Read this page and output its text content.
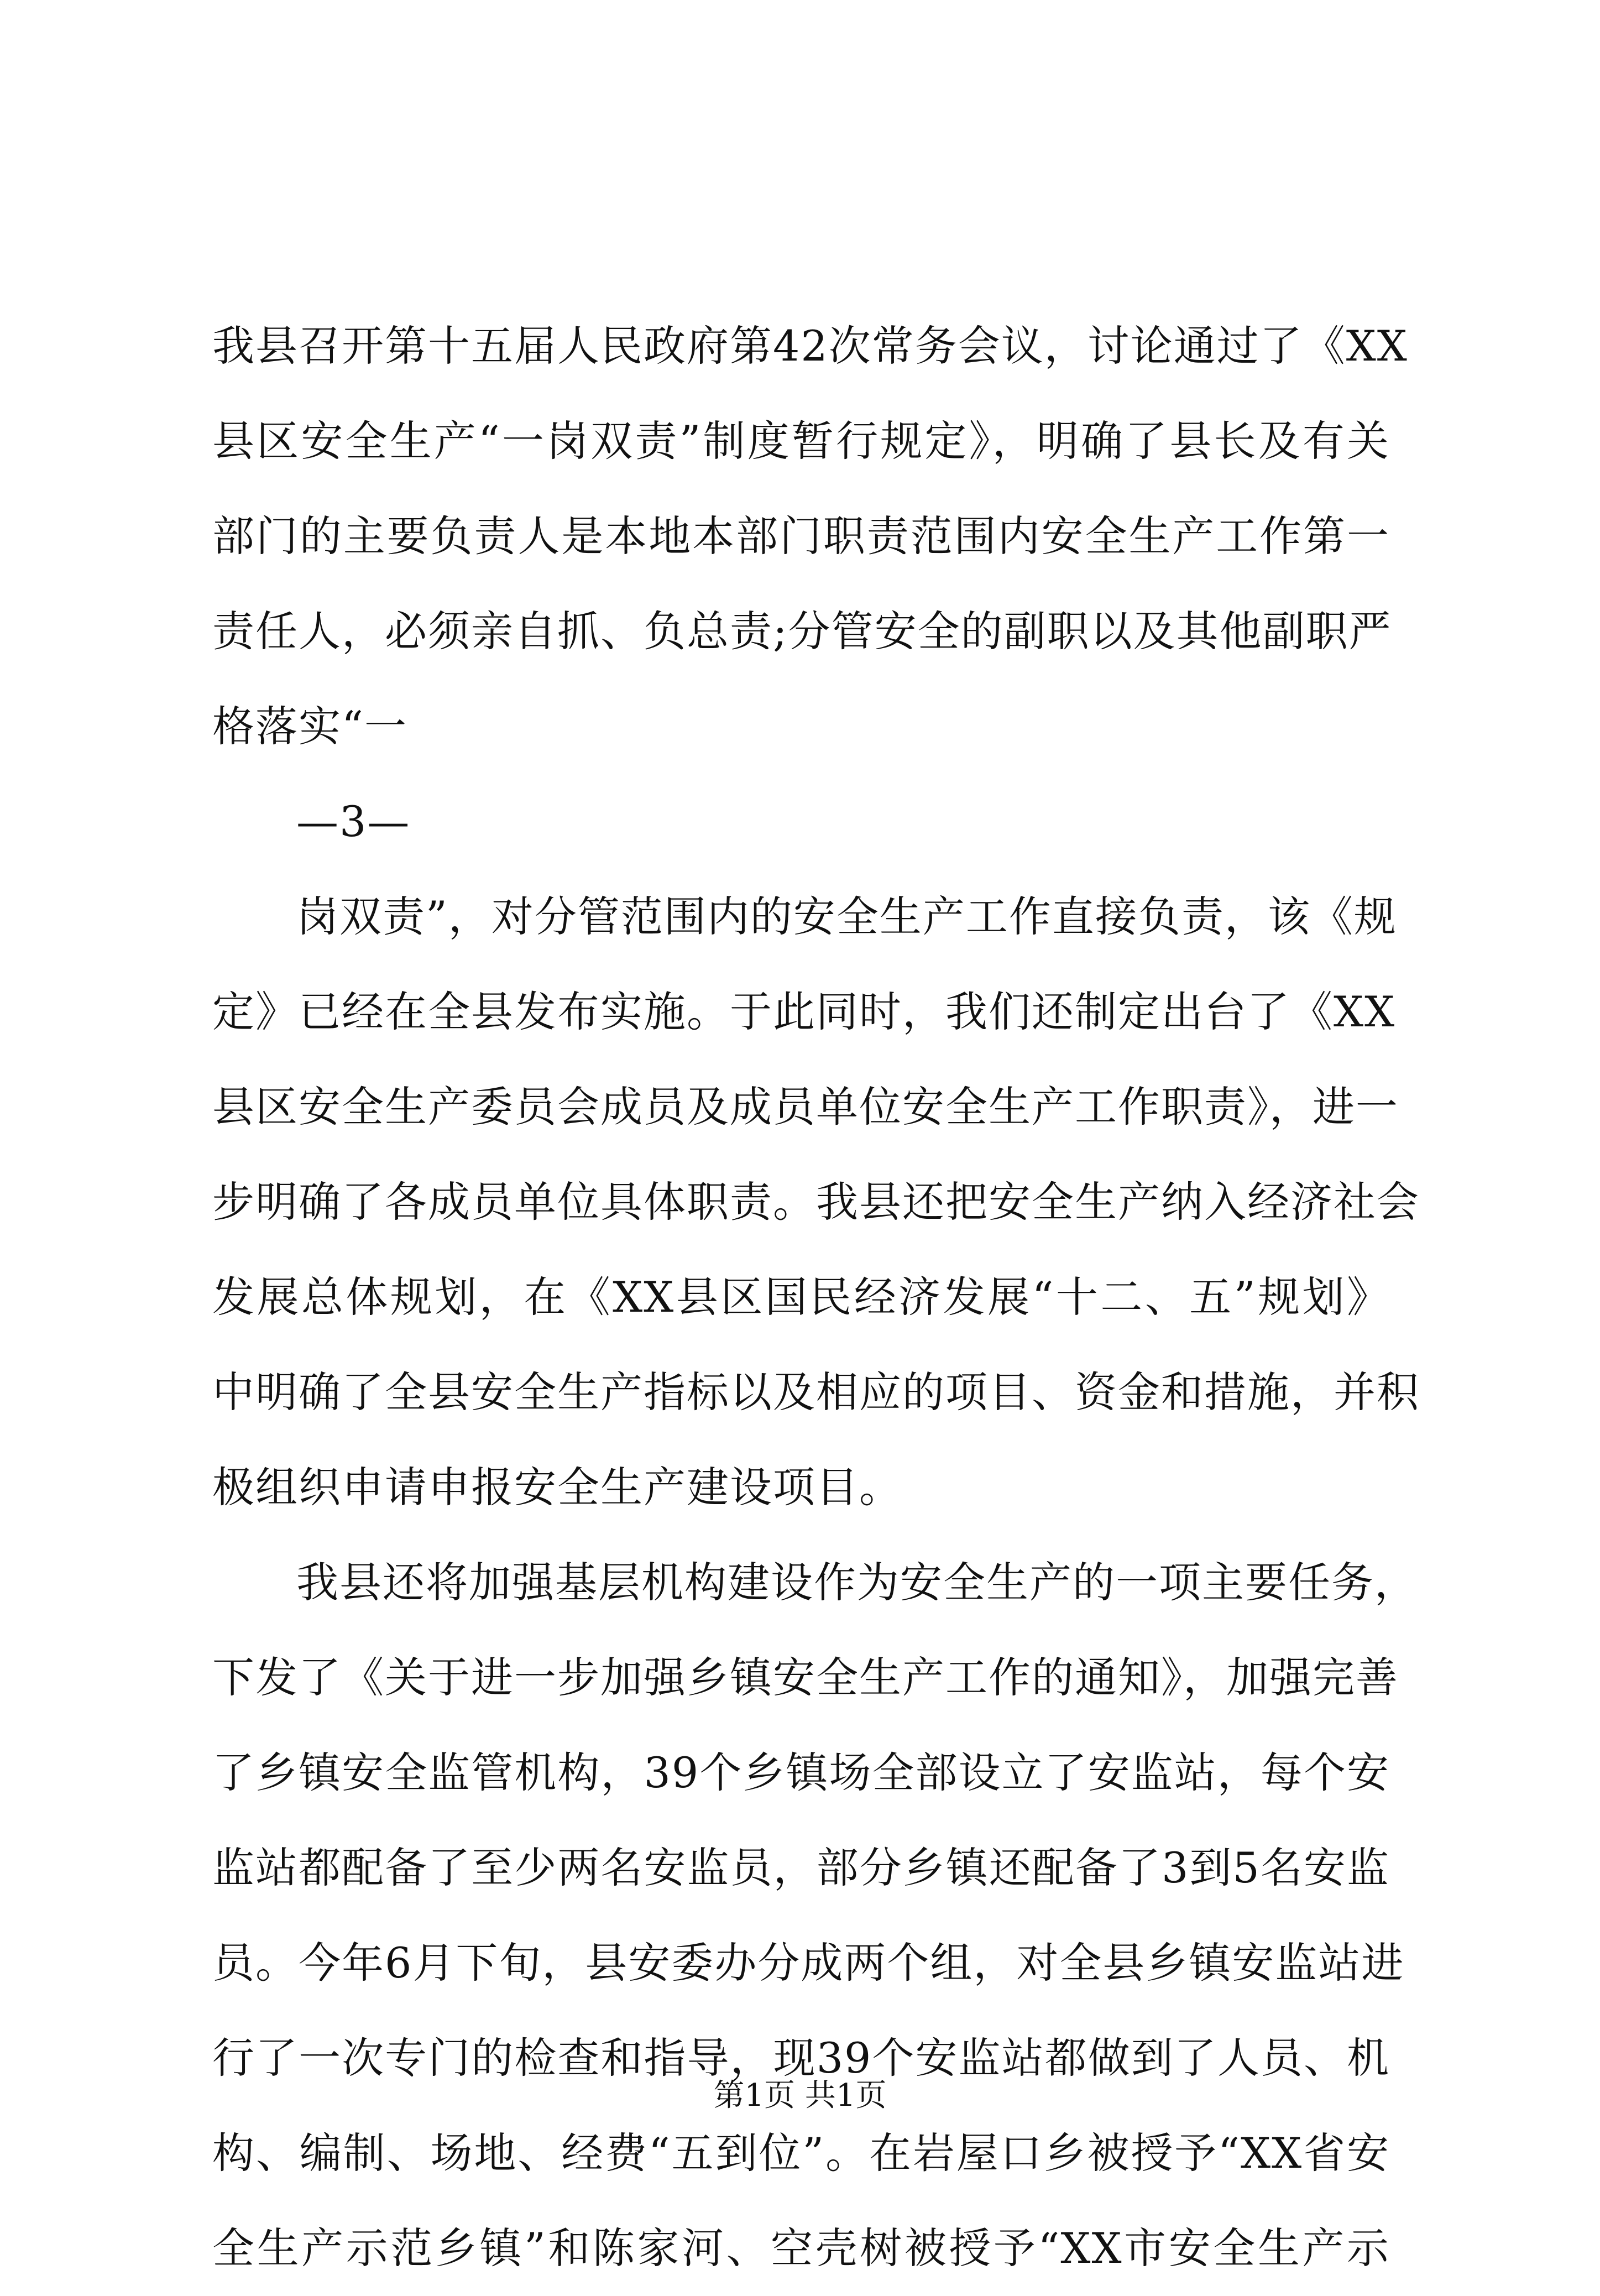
我县召开第十五届人民政府第42次常务会议，讨论通过了《XX
县区安全生产“一岗双责”制度暂行规定》，明确了县长及有关
部门的主要负责人是本地本部门职责范围内安全生产工作第一
责任人，必须亲自抓、负总责;分管安全的副职以及其他副职严
格落实“一
—3—
岗双责”，对分管范围内的安全生产工作直接负责，该《规
定》已经在全县发布实施。于此同时，我们还制定出台了《XX
县区安全生产委员会成员及成员单位安全生产工作职责》，进一
步明确了各成员单位具体职责。我县还把安全生产纳入经济社会
发展总体规划，在《XX县区国民经济发展“十二、五”规划》
中明确了全县安全生产指标以及相应的项目、资金和措施，并积
极组织申请申报安全生产建设项目。
我县还将加强基层机构建设作为安全生产的一项主要任务，
下发了《关于进一步加强乡镇安全生产工作的通知》，加强完善
了乡镇安全监管机构，39个乡镇场全部设立了安监站，每个安
监站都配备了至少两名安监员，部分乡镇还配备了3到5名安监
员。今年6月下旬，县安委办分成两个组，对全县乡镇安监站进
行了一次专门的检查和指导，现39个安监站都做到了人员、机
构、编制、场地、经费“五到位”。在岩屋口乡被授予“XX省安
全生产示范乡镇”和陈家河、空壳树被授予“XX市安全生产示
第1页 共1页
